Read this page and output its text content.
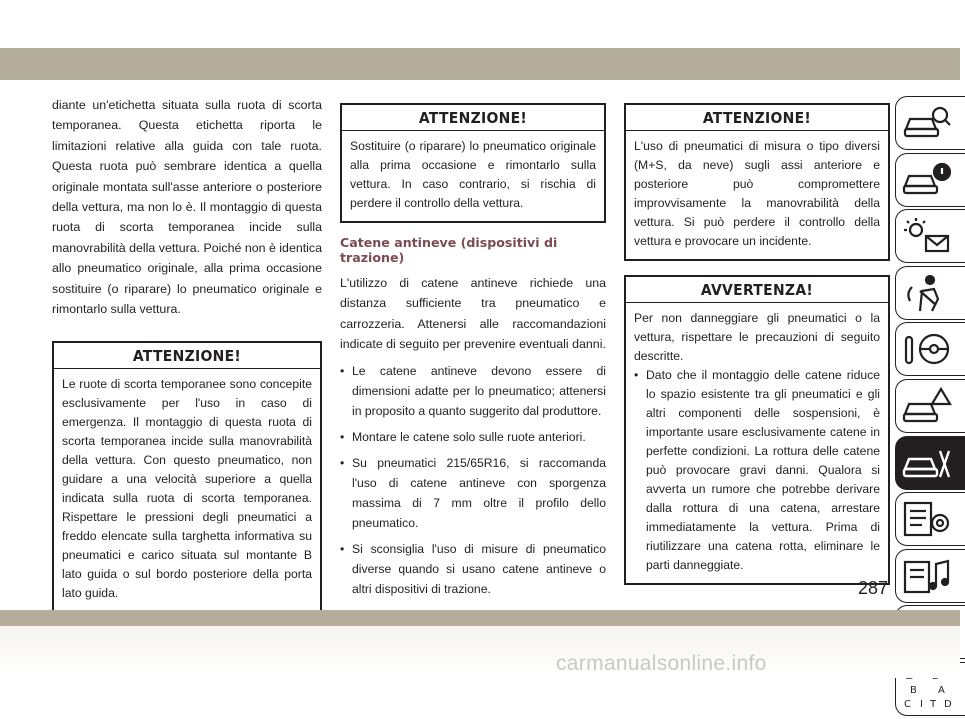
diante un'etichetta situata sulla ruota di scorta temporanea. Questa etichetta riporta le limitazioni relative alla guida con tale ruota. Questa ruota può sembrare identica a quella originale montata sull'asse anteriore o posteriore della vettura, ma non lo è. Il montaggio di questa ruota di scorta temporanea incide sulla manovrabilità della vettura. Poiché non è identica allo pneumatico originale, alla prima occasione sostituire (o riparare) lo pneumatico originale e rimontarlo sulla vettura.

ATTENZIONE!
Le ruote di scorta temporanee sono concepite esclusivamente per l'uso in caso di emergenza. Il montaggio di questa ruota di scorta temporanea incide sulla manovrabilità della vettura. Con questo pneumatico, non guidare a una velocità superiore a quella indicata sulla ruota di scorta temporanea. Rispettare le pressioni degli pneumatici a freddo elencate sulla targhetta informativa su pneumatici e carico situata sul montante B lato guida o sul bordo posteriore della porta lato guida.
ATTENZIONE!
Sostituire (o riparare) lo pneumatico originale alla prima occasione e rimontarlo sulla vettura. In caso contrario, si rischia di perdere il controllo della vettura.
Catene antineve (dispositivi di trazione)

L'utilizzo di catene antineve richiede una distanza sufficiente tra pneumatico e carrozzeria. Attenersi alle raccomandazioni indicate di seguito per prevenire eventuali danni.

• Le catene antineve devono essere di dimensioni adatte per lo pneumatico; attenersi in proposito a quanto suggerito dal produttore.
• Montare le catene solo sulle ruote anteriori.
• Su pneumatici 215/65R16, si raccomanda l'uso di catene antineve con sporgenza massima di 7 mm oltre il profilo dello pneumatico.
• Si sconsiglia l'uso di misure di pneumatico diverse quando si usano catene antineve o altri dispositivi di trazione.
ATTENZIONE!
L'uso di pneumatici di misura o tipo diversi (M+S, da neve) sugli assi anteriore e posteriore può compromettere improvvisamente la manovrabilità della vettura. Si può perdere il controllo della vettura e provocare un incidente.
AVVERTENZA!

Per non danneggiare gli pneumatici o la vettura, rispettare le precauzioni di seguito descritte.

• Dato che il montaggio delle catene riduce lo spazio esistente tra gli pneumatici e gli altri componenti delle sospensioni, è importante usare esclusivamente catene in perfette condizioni. La rottura delle catene può provocare gravi danni. Qualora si avverta un rumore che potrebbe derivare dalla rottura di una catena, arrestare immediatamente la vettura. Prima di riutilizzare una catena rotta, eliminare le parti danneggiate.
B A
C	D
I T
287
carmanualsonline.info
